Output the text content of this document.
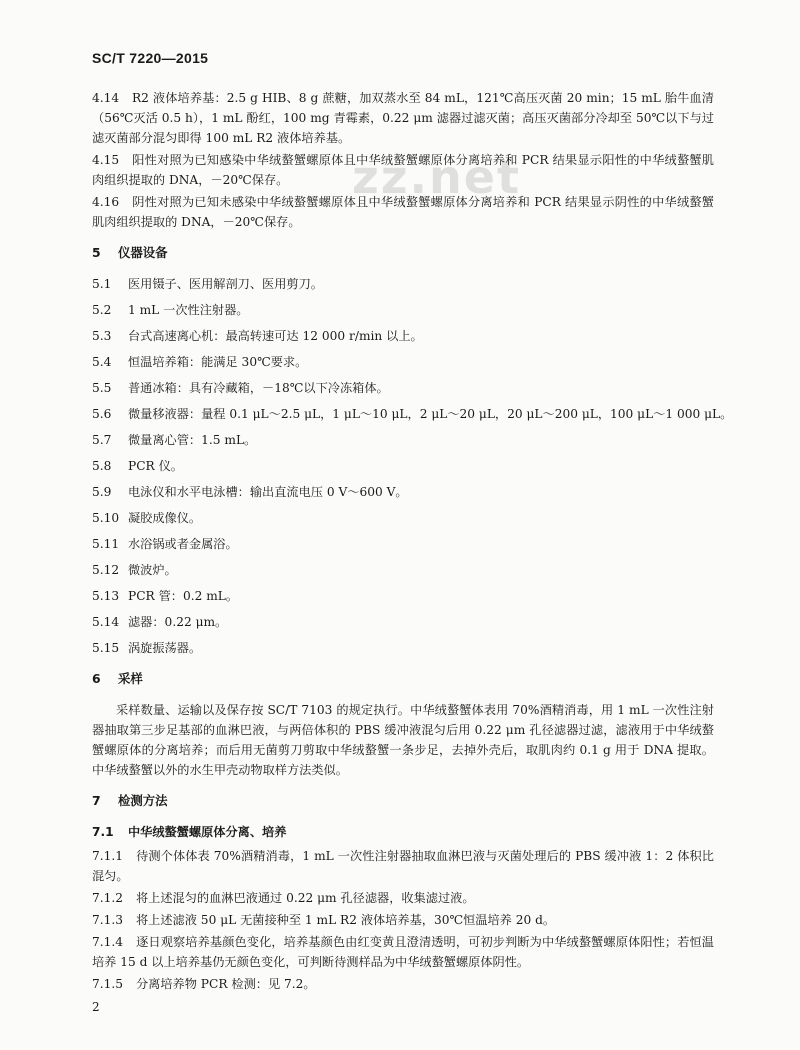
SC/T 7220—2015
zz.net
4.14 R2 液体培养基：2.5 g HIB、8 g 蔗糖，加双蒸水至 84 mL，121℃高压灭菌 20 min；15 mL 胎牛血清（56℃灭活 0.5 h），1 mL 酚红，100 mg 青霉素，0.22 μm 滤器过滤灭菌；高压灭菌部分冷却至 50℃以下与过滤灭菌部分混匀即得 100 mL R2 液体培养基。
4.15 阳性对照为已知感染中华绒螯蟹螺原体且中华绒螯蟹螺原体分离培养和 PCR 结果显示阳性的中华绒螯蟹肌肉组织提取的 DNA，－20℃保存。
4.16 阴性对照为已知未感染中华绒螯蟹螺原体且中华绒螯蟹螺原体分离培养和 PCR 结果显示阴性的中华绒螯蟹肌肉组织提取的 DNA，－20℃保存。
5 仪器设备
5.1 医用镊子、医用解剖刀、医用剪刀。
5.2 1 mL 一次性注射器。
5.3 台式高速离心机：最高转速可达 12 000 r/min 以上。
5.4 恒温培养箱：能满足 30℃要求。
5.5 普通冰箱：具有冷藏箱，－18℃以下冷冻箱体。
5.6 微量移液器：量程 0.1 μL～2.5 μL，1 μL～10 μL，2 μL～20 μL，20 μL～200 μL，100 μL～1 000 μL。
5.7 微量离心管：1.5 mL。
5.8 PCR 仪。
5.9 电泳仪和水平电泳槽：输出直流电压 0 V～600 V。
5.10 凝胶成像仪。
5.11 水浴锅或者金属浴。
5.12 微波炉。
5.13 PCR 管：0.2 mL。
5.14 滤器：0.22 μm。
5.15 涡旋振荡器。
6 采样
采样数量、运输以及保存按 SC/T 7103 的规定执行。中华绒螯蟹体表用 70%酒精消毒，用 1 mL 一次性注射器抽取第三步足基部的血淋巴液，与两倍体积的 PBS 缓冲液混匀后用 0.22 μm 孔径滤器过滤，滤液用于中华绒螯蟹螺原体的分离培养；而后用无菌剪刀剪取中华绒螯蟹一条步足，去掉外壳后，取肌肉约 0.1 g 用于 DNA 提取。中华绒螯蟹以外的水生甲壳动物取样方法类似。
7 检测方法
7.1 中华绒螯蟹螺原体分离、培养
7.1.1 待测个体体表 70%酒精消毒，1 mL 一次性注射器抽取血淋巴液与灭菌处理后的 PBS 缓冲液 1：2 体积比混匀。
7.1.2 将上述混匀的血淋巴液通过 0.22 μm 孔径滤器，收集滤过液。
7.1.3 将上述滤液 50 μL 无菌接种至 1 mL R2 液体培养基，30℃恒温培养 20 d。
7.1.4 逐日观察培养基颜色变化，培养基颜色由红变黄且澄清透明，可初步判断为中华绒螯蟹螺原体阳性；若恒温培养 15 d 以上培养基仍无颜色变化，可判断待测样品为中华绒螯蟹螺原体阴性。
7.1.5 分离培养物 PCR 检测：见 7.2。
2
